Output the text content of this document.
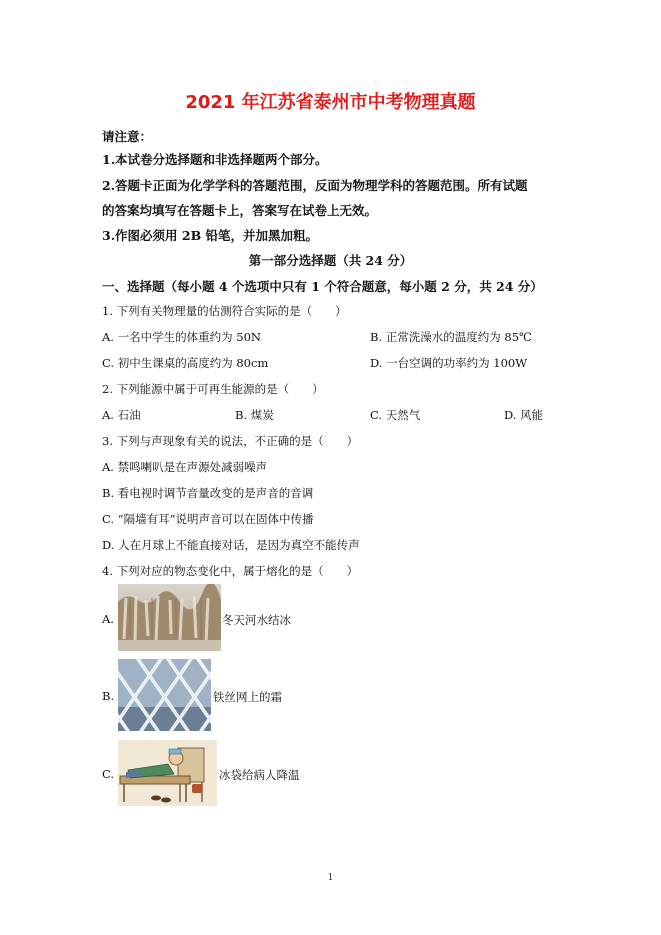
2021 年江苏省泰州市中考物理真题
请注意：
1.本试卷分选择题和非选择题两个部分。
2.答题卡正面为化学学科的答题范围，反面为物理学科的答题范围。所有试题
的答案均填写在答题卡上，答案写在试卷上无效。
3.作图必须用 2B 铅笔，并加黑加粗。
第一部分选择题（共 24 分）
一、选择题（每小题 4 个选项中只有 1 个符合题意，每小题 2 分，共 24 分）
1. 下列有关物理量的估测符合实际的是（　　）
A. 一名中学生的体重约为 50N	B. 正常洗澡水的温度约为 85℃
C. 初中生课桌的高度约为 80cm	D. 一台空调的功率约为 100W
2. 下列能源中属于可再生能源的是（　　）
A. 石油	B. 煤炭	C. 天然气	D. 风能
3. 下列与声现象有关的说法，不正确的是（　　）
A. 禁鸣喇叭是在声源处减弱噪声
B. 看电视时调节音量改变的是声音的音调
C. “隔墙有耳”说明声音可以在固体中传播
D. 人在月球上不能直接对话，是因为真空不能传声
4. 下列对应的物态变化中，属于熔化的是（　　）
A.	冬天河水结冰
B.	铁丝网上的霜
C.	冰袋给病人降温
1
